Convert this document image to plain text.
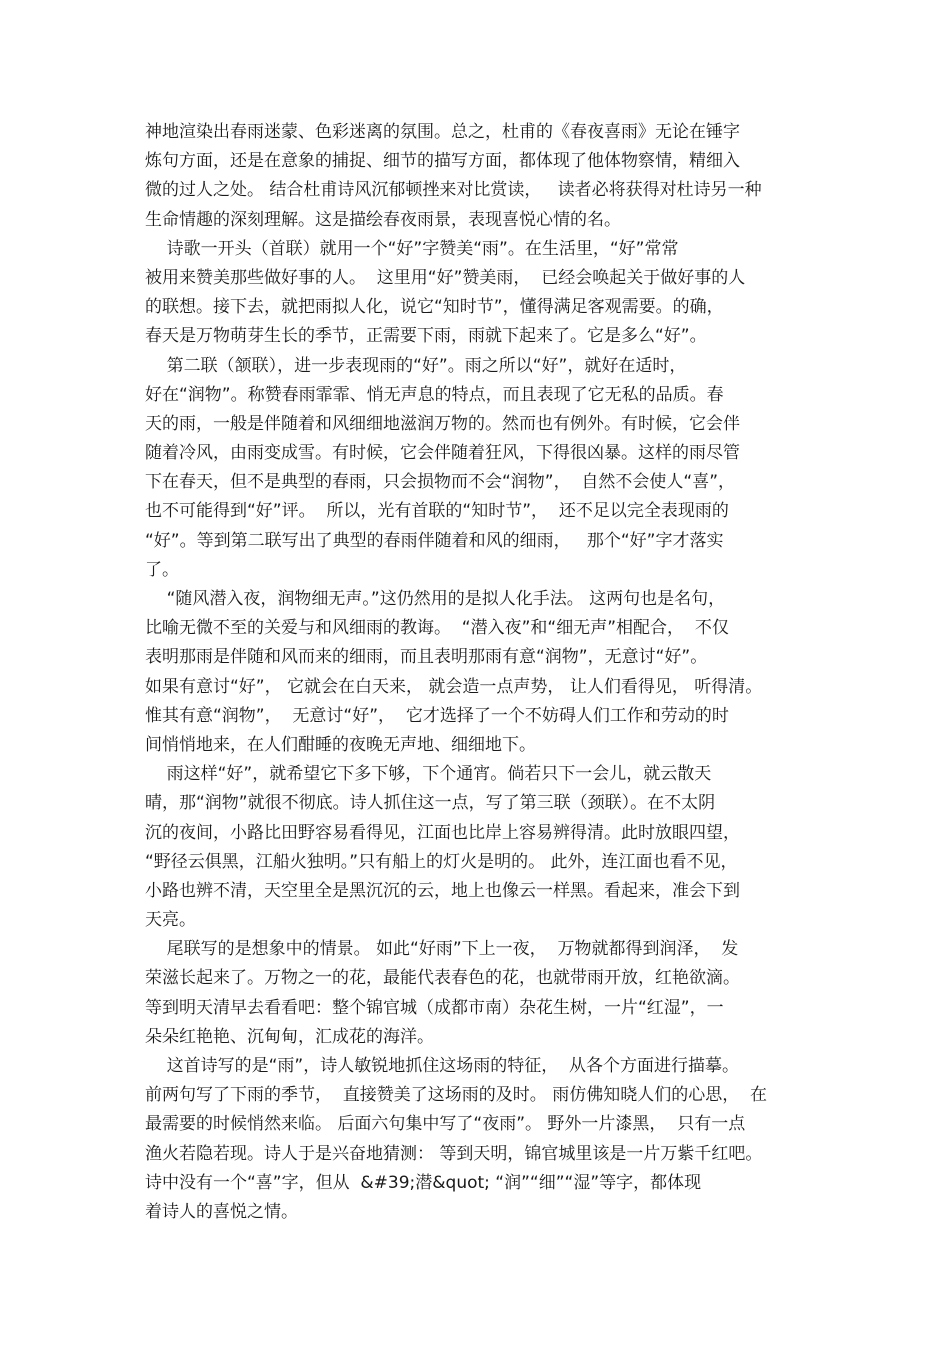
神地渲染出春雨迷蒙、色彩迷离的氛围。总之，杜甫的《春夜喜雨》无论在锤字
炼句方面，还是在意象的捕捉、细节的描写方面，都体现了他体物察情，精细入
微的过人之处。 结合杜甫诗风沉郁顿挫来对比赏读，   读者必将获得对杜诗另一种
生命情趣的深刻理解。这是描绘春夜雨景，表现喜悦心情的名。
诗歌一开头（首联）就用一个“好”字赞美“雨”。在生活里，“好”常常
被用来赞美那些做好事的人。  这里用“好”赞美雨，  已经会唤起关于做好事的人
的联想。接下去，就把雨拟人化，说它“知时节”，懂得满足客观需要。的确，
春天是万物萌芽生长的季节，正需要下雨，雨就下起来了。它是多么“好”。
第二联（颔联），进一步表现雨的“好”。雨之所以“好”，就好在适时，
好在“润物”。称赞春雨霏霏、悄无声息的特点，而且表现了它无私的品质。春
天的雨，一般是伴随着和风细细地滋润万物的。然而也有例外。有时候，它会伴
随着冷风，由雨变成雪。有时候，它会伴随着狂风，下得很凶暴。这样的雨尽管
下在春天，但不是典型的春雨，只会损物而不会“润物”，  自然不会使人“喜”，
也不可能得到“好”评。  所以，光有首联的“知时节”，  还不足以完全表现雨的
“好”。等到第二联写出了典型的春雨伴随着和风的细雨，   那个“好”字才落实
了。
“随风潜入夜，润物细无声。”这仍然用的是拟人化手法。 这两句也是名句，
比喻无微不至的关爱与和风细雨的教诲。  “潜入夜”和“细无声”相配合，  不仅
表明那雨是伴随和风而来的细雨，而且表明那雨有意“润物”，无意讨“好”。
如果有意讨“好”， 它就会在白天来， 就会造一点声势， 让人们看得见， 听得清。
惟其有意“润物”，  无意讨“好”，  它才选择了一个不妨碍人们工作和劳动的时
间悄悄地来，在人们酣睡的夜晚无声地、细细地下。
雨这样“好”，就希望它下多下够，下个通宵。倘若只下一会儿，就云散天
晴，那“润物”就很不彻底。诗人抓住这一点，写了第三联（颈联）。在不太阴
沉的夜间，小路比田野容易看得见，江面也比岸上容易辨得清。此时放眼四望，
“野径云俱黑，江船火独明。”只有船上的灯火是明的。 此外，连江面也看不见，
小路也辨不清，天空里全是黑沉沉的云，地上也像云一样黑。看起来，准会下到
天亮。
尾联写的是想象中的情景。 如此“好雨”下上一夜，  万物就都得到润泽，  发
荣滋长起来了。万物之一的花，最能代表春色的花，也就带雨开放，红艳欲滴。
等到明天清早去看看吧：整个锦官城（成都市南）杂花生树，一片“红湿”，一
朵朵红艳艳、沉甸甸，汇成花的海洋。
这首诗写的是“雨”，诗人敏锐地抓住这场雨的特征，  从各个方面进行描摹。
前两句写了下雨的季节，  直接赞美了这场雨的及时。 雨仿佛知晓人们的心思，  在
最需要的时候悄然来临。 后面六句集中写了“夜雨”。 野外一片漆黑，  只有一点
渔火若隐若现。诗人于是兴奋地猜测： 等到天明，锦官城里该是一片万紫千红吧。
诗中没有一个“喜”字，但从  &#39;潜&quot; “润”“细”“湿”等字，都体现
着诗人的喜悦之情。
